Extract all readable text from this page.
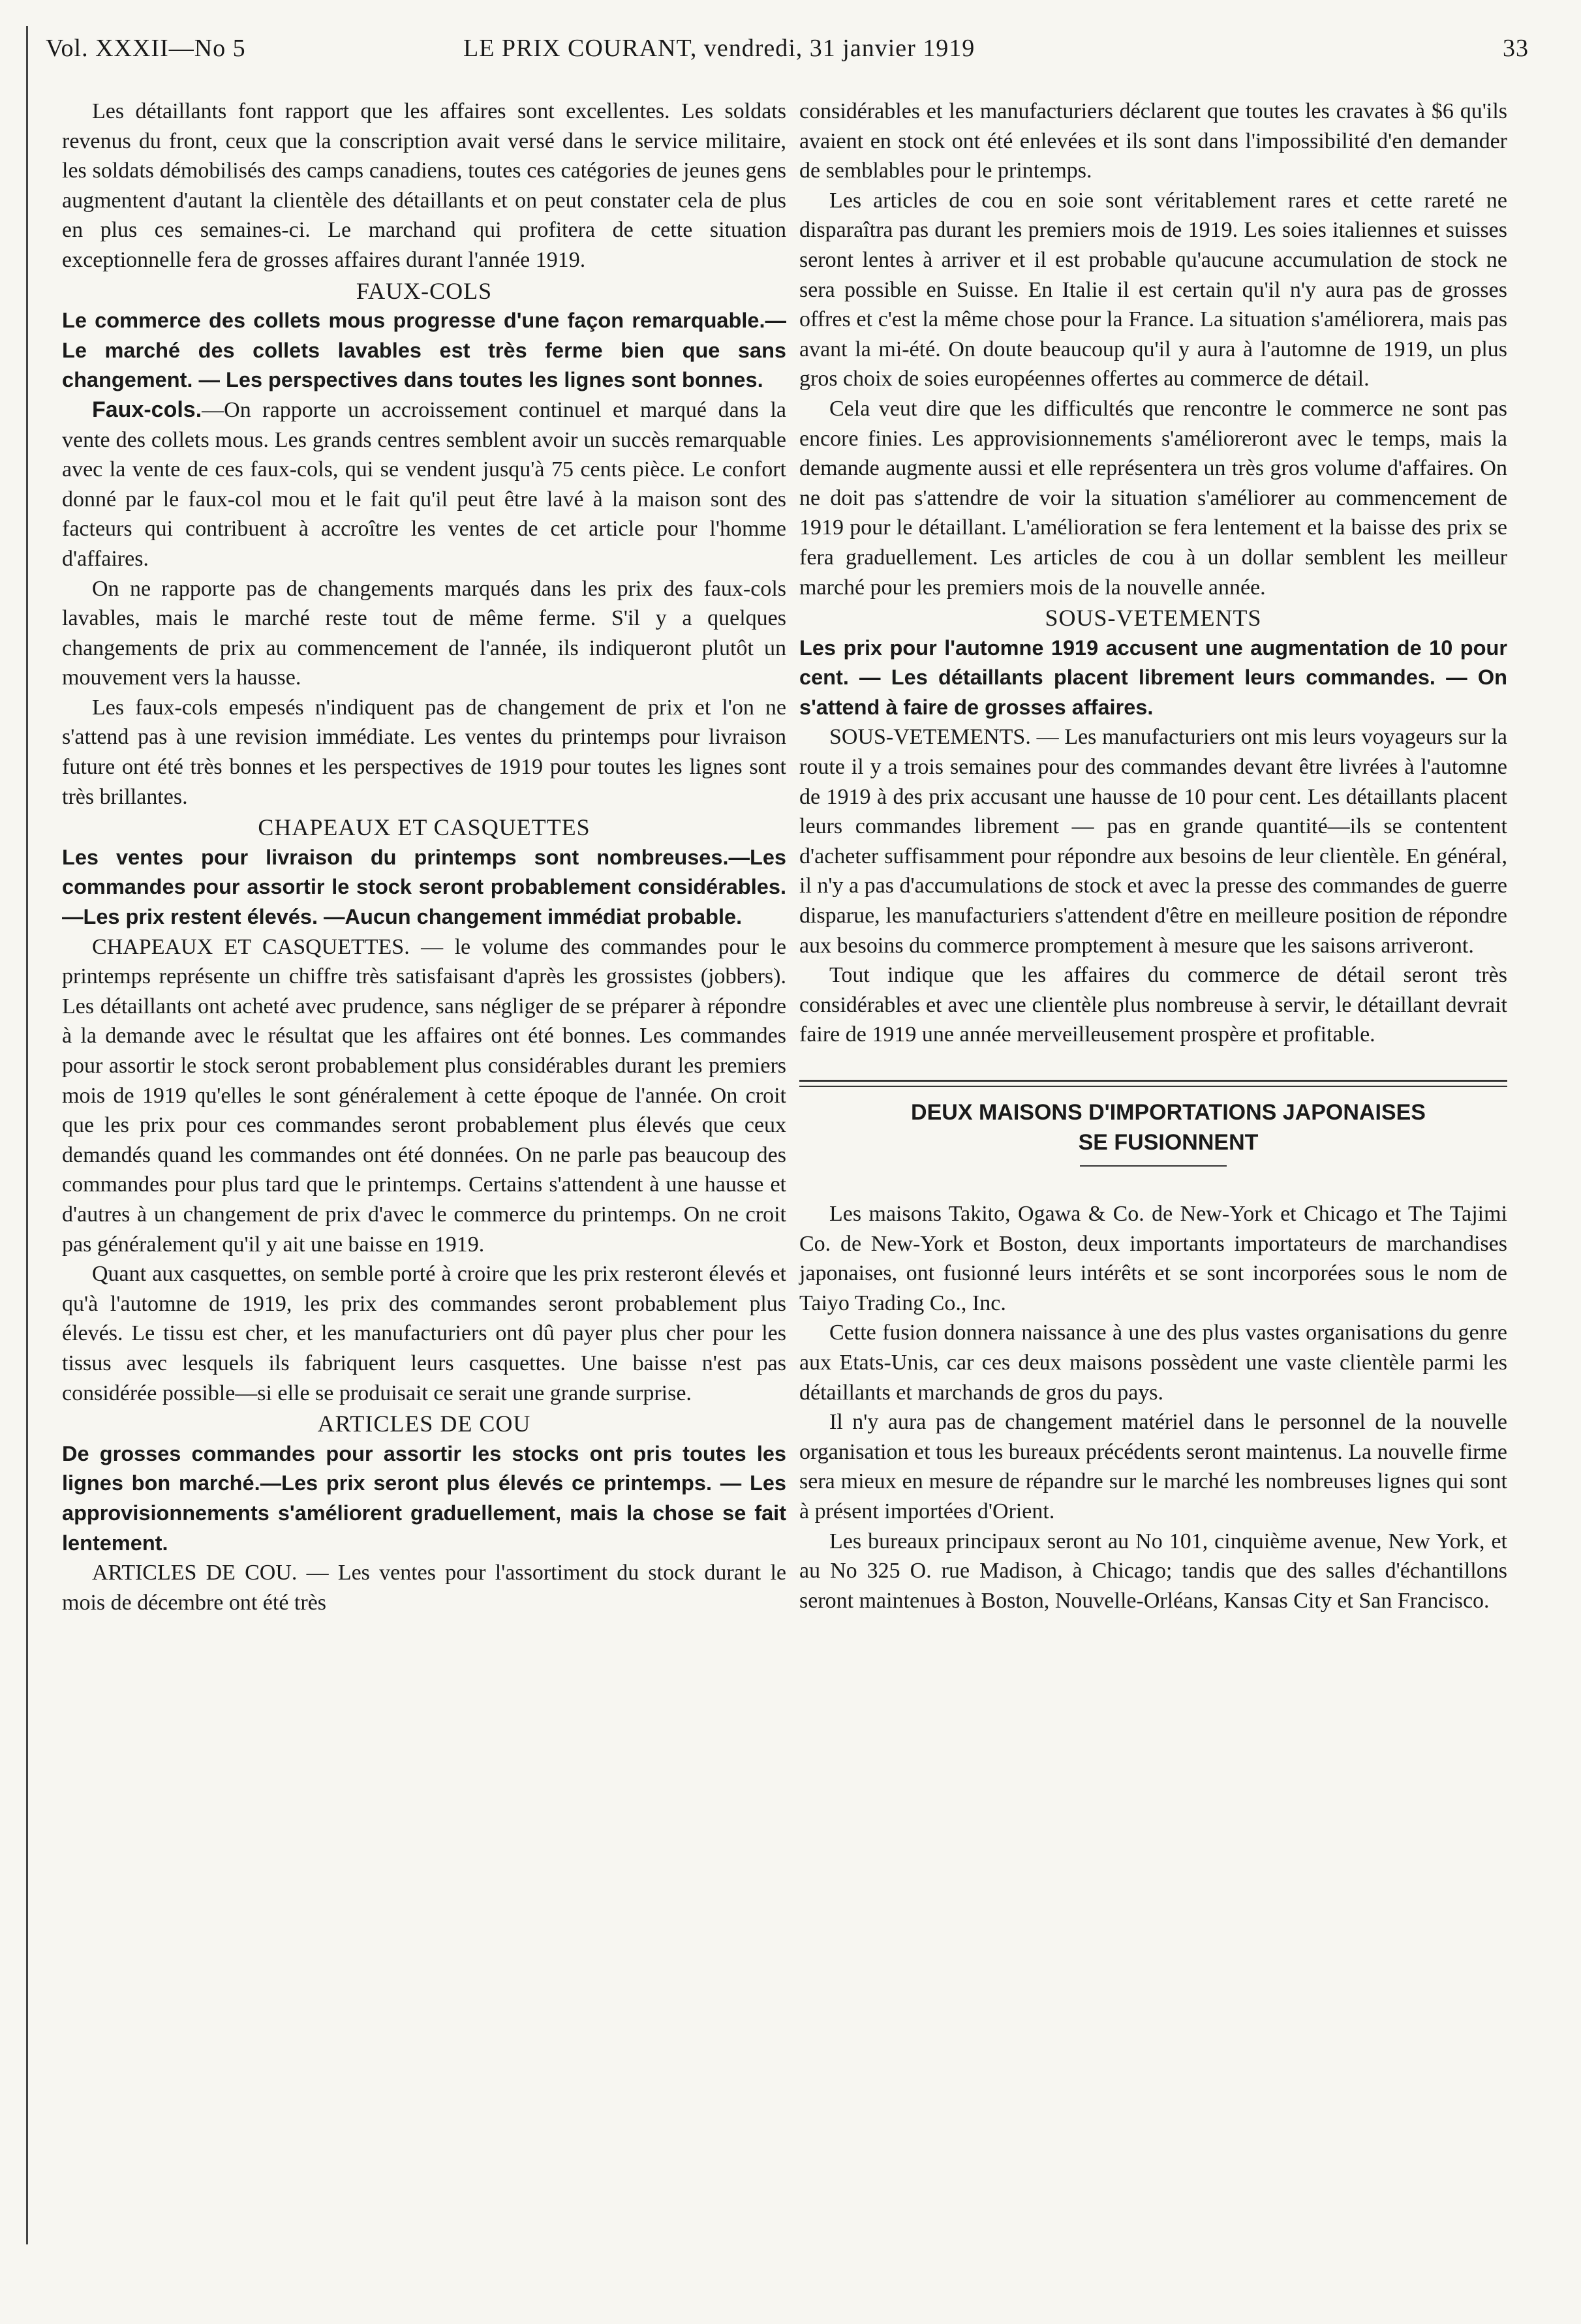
Vol. XXXII—No 5	LE PRIX COURANT, vendredi, 31 janvier 1919	33

Les détaillants font rapport que les affaires sont excellentes. Les soldats revenus du front, ceux que la conscription avait versé dans le service militaire, les soldats démobilisés des camps canadiens, toutes ces catégories de jeunes gens augmentent d'autant la clientèle des détaillants et on peut constater cela de plus en plus ces semaines-ci. Le marchand qui profitera de cette situation exceptionnelle fera de grosses affaires durant l'année 1919.

FAUX-COLS

Le commerce des collets mous progresse d'une façon remarquable.—Le marché des collets lavables est très ferme bien que sans changement. — Les perspectives dans toutes les lignes sont bonnes.

Faux-cols.—On rapporte un accroissement continuel et marqué dans la vente des collets mous. Les grands centres semblent avoir un succès remarquable avec la vente de ces faux-cols, qui se vendent jusqu'à 75 cents pièce. Le confort donné par le faux-col mou et le fait qu'il peut être lavé à la maison sont des facteurs qui contribuent à accroître les ventes de cet article pour l'homme d'affaires.

On ne rapporte pas de changements marqués dans les prix des faux-cols lavables, mais le marché reste tout de même ferme. S'il y a quelques changements de prix au commencement de l'année, ils indiqueront plutôt un mouvement vers la hausse.

Les faux-cols empesés n'indiquent pas de changement de prix et l'on ne s'attend pas à une revision immédiate. Les ventes du printemps pour livraison future ont été très bonnes et les perspectives de 1919 pour toutes les lignes sont très brillantes.

CHAPEAUX ET CASQUETTES

Les ventes pour livraison du printemps sont nombreuses.—Les commandes pour assortir le stock seront probablement considérables.—Les prix restent élevés. —Aucun changement immédiat probable.

CHAPEAUX ET CASQUETTES. — le volume des commandes pour le printemps représente un chiffre très satisfaisant d'après les grossistes (jobbers). Les détaillants ont acheté avec prudence, sans négliger de se préparer à répondre à la demande avec le résultat que les affaires ont été bonnes. Les commandes pour assortir le stock seront probablement plus considérables durant les premiers mois de 1919 qu'elles le sont généralement à cette époque de l'année. On croit que les prix pour ces commandes seront probablement plus élevés que ceux demandés quand les commandes ont été données. On ne parle pas beaucoup des commandes pour plus tard que le printemps. Certains s'attendent à une hausse et d'autres à un changement de prix d'avec le commerce du printemps. On ne croit pas généralement qu'il y ait une baisse en 1919.

Quant aux casquettes, on semble porté à croire que les prix resteront élevés et qu'à l'automne de 1919, les prix des commandes seront probablement plus élevés. Le tissu est cher, et les manufacturiers ont dû payer plus cher pour les tissus avec lesquels ils fabriquent leurs casquettes. Une baisse n'est pas considérée possible—si elle se produisait ce serait une grande surprise.

ARTICLES DE COU

De grosses commandes pour assortir les stocks ont pris toutes les lignes bon marché.—Les prix seront plus élevés ce printemps. — Les approvisionnements s'améliorent graduellement, mais la chose se fait lentement.

ARTICLES DE COU. — Les ventes pour l'assortiment du stock durant le mois de décembre ont été très

considérables et les manufacturiers déclarent que toutes les cravates à $6 qu'ils avaient en stock ont été enlevées et ils sont dans l'impossibilité d'en demander de semblables pour le printemps.

Les articles de cou en soie sont véritablement rares et cette rareté ne disparaîtra pas durant les premiers mois de 1919. Les soies italiennes et suisses seront lentes à arriver et il est probable qu'aucune accumulation de stock ne sera possible en Suisse. En Italie il est certain qu'il n'y aura pas de grosses offres et c'est la même chose pour la France. La situation s'améliorera, mais pas avant la mi-été. On doute beaucoup qu'il y aura à l'automne de 1919, un plus gros choix de soies européennes offertes au commerce de détail.

Cela veut dire que les difficultés que rencontre le commerce ne sont pas encore finies. Les approvisionnements s'amélioreront avec le temps, mais la demande augmente aussi et elle représentera un très gros volume d'affaires. On ne doit pas s'attendre de voir la situation s'améliorer au commencement de 1919 pour le détaillant. L'amélioration se fera lentement et la baisse des prix se fera graduellement. Les articles de cou à un dollar semblent les meilleur marché pour les premiers mois de la nouvelle année.

SOUS-VETEMENTS

Les prix pour l'automne 1919 accusent une augmentation de 10 pour cent. — Les détaillants placent librement leurs commandes. — On s'attend à faire de grosses affaires.

SOUS-VETEMENTS. — Les manufacturiers ont mis leurs voyageurs sur la route il y a trois semaines pour des commandes devant être livrées à l'automne de 1919 à des prix accusant une hausse de 10 pour cent. Les détaillants placent leurs commandes librement — pas en grande quantité—ils se contentent d'acheter suffisamment pour répondre aux besoins de leur clientèle. En général, il n'y a pas d'accumulations de stock et avec la presse des commandes de guerre disparue, les manufacturiers s'attendent d'être en meilleure position de répondre aux besoins du commerce promptement à mesure que les saisons arriveront.

Tout indique que les affaires du commerce de détail seront très considérables et avec une clientèle plus nombreuse à servir, le détaillant devrait faire de 1919 une année merveilleusement prospère et profitable.

DEUX MAISONS D'IMPORTATIONS JAPONAISES

SE FUSIONNENT

Les maisons Takito, Ogawa & Co. de New-York et Chicago et The Tajimi Co. de New-York et Boston, deux importants importateurs de marchandises japonaises, ont fusionné leurs intérêts et se sont incorporées sous le nom de Taiyo Trading Co., Inc.

Cette fusion donnera naissance à une des plus vastes organisations du genre aux Etats-Unis, car ces deux maisons possèdent une vaste clientèle parmi les détaillants et marchands de gros du pays.

Il n'y aura pas de changement matériel dans le personnel de la nouvelle organisation et tous les bureaux précédents seront maintenus. La nouvelle firme sera mieux en mesure de répandre sur le marché les nombreuses lignes qui sont à présent importées d'Orient.

Les bureaux principaux seront au No 101, cinquième avenue, New York, et au No 325 O. rue Madison, à Chicago; tandis que des salles d'échantillons seront maintenues à Boston, Nouvelle-Orléans, Kansas City et San Francisco.
